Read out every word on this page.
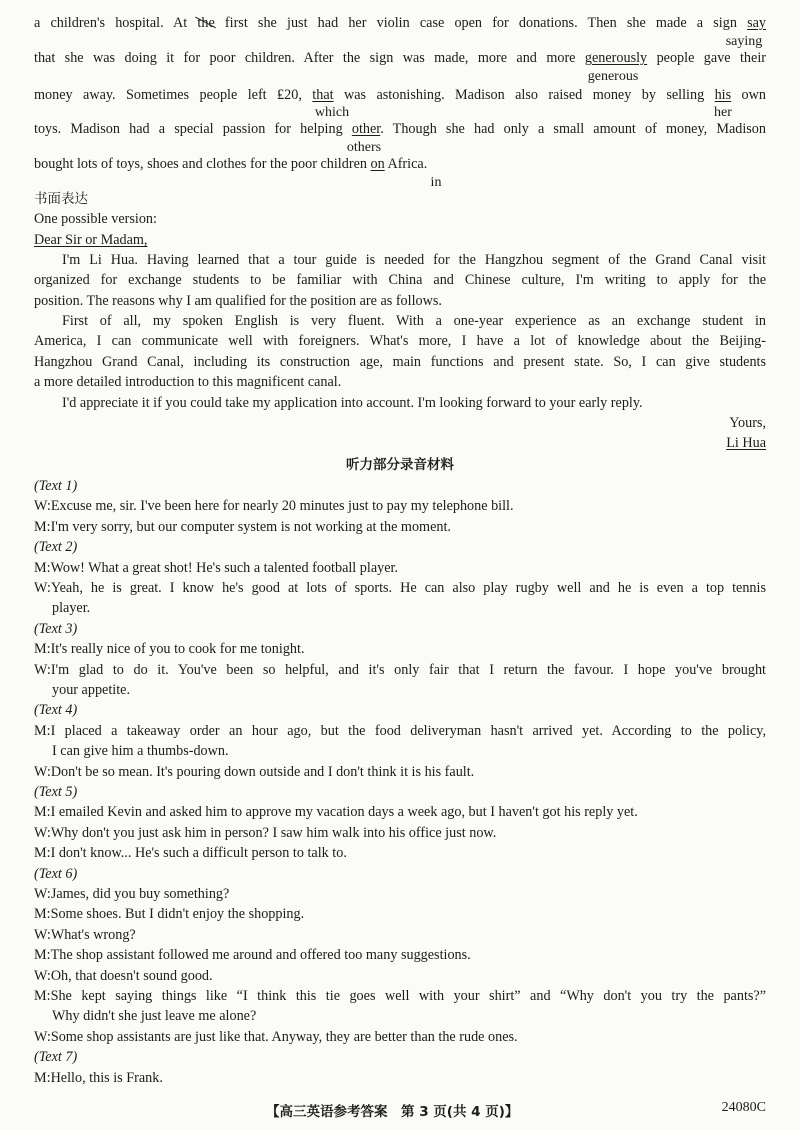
a children's hospital. At the first she just had her violin case open for donations. Then she made a sign say
saying
that she was doing it for poor children. After the sign was made, more and more generously people gave their
generous
money away. Sometimes people left ₤20, that was astonishing. Madison also raised money by selling his own
which	her
toys. Madison had a special passion for helping other. Though she had only a small amount of money, Madison
others
bought lots of toys, shoes and clothes for the poor children on Africa.
in
书面表达
One possible version:
Dear Sir or Madam,
I'm Li Hua. Having learned that a tour guide is needed for the Hangzhou segment of the Grand Canal visit
organized for exchange students to be familiar with China and Chinese culture, I'm writing to apply for the
position. The reasons why I am qualified for the position are as follows.
First of all, my spoken English is very fluent. With a one-year experience as an exchange student in
America, I can communicate well with foreigners. What's more, I have a lot of knowledge about the Beijing-
Hangzhou Grand Canal, including its construction age, main functions and present state. So, I can give students
a more detailed introduction to this magnificent canal.
I'd appreciate it if you could take my application into account. I'm looking forward to your early reply.
Yours,
Li Hua
听力部分录音材料
(Text 1)
W:Excuse me, sir. I've been here for nearly 20 minutes just to pay my telephone bill.
M:I'm very sorry, but our computer system is not working at the moment.
(Text 2)
M:Wow! What a great shot! He's such a talented football player.
W:Yeah, he is great. I know he's good at lots of sports. He can also play rugby well and he is even a top tennis
player.
(Text 3)
M:It's really nice of you to cook for me tonight.
W:I'm glad to do it. You've been so helpful, and it's only fair that I return the favour. I hope you've brought
your appetite.
(Text 4)
M:I placed a takeaway order an hour ago, but the food deliveryman hasn't arrived yet. According to the policy,
I can give him a thumbs-down.
W:Don't be so mean. It's pouring down outside and I don't think it is his fault.
(Text 5)
M:I emailed Kevin and asked him to approve my vacation days a week ago, but I haven't got his reply yet.
W:Why don't you just ask him in person? I saw him walk into his office just now.
M:I don't know... He's such a difficult person to talk to.
(Text 6)
W:James, did you buy something?
M:Some shoes. But I didn't enjoy the shopping.
W:What's wrong?
M:The shop assistant followed me around and offered too many suggestions.
W:Oh, that doesn't sound good.
M:She kept saying things like “I think this tie goes well with your shirt” and “Why don't you try the pants?”
Why didn't she just leave me alone?
W:Some shop assistants are just like that. Anyway, they are better than the rude ones.
(Text 7)
M:Hello, this is Frank.
【高三英语参考答案　第 3 页(共 4 页)】	24080C
